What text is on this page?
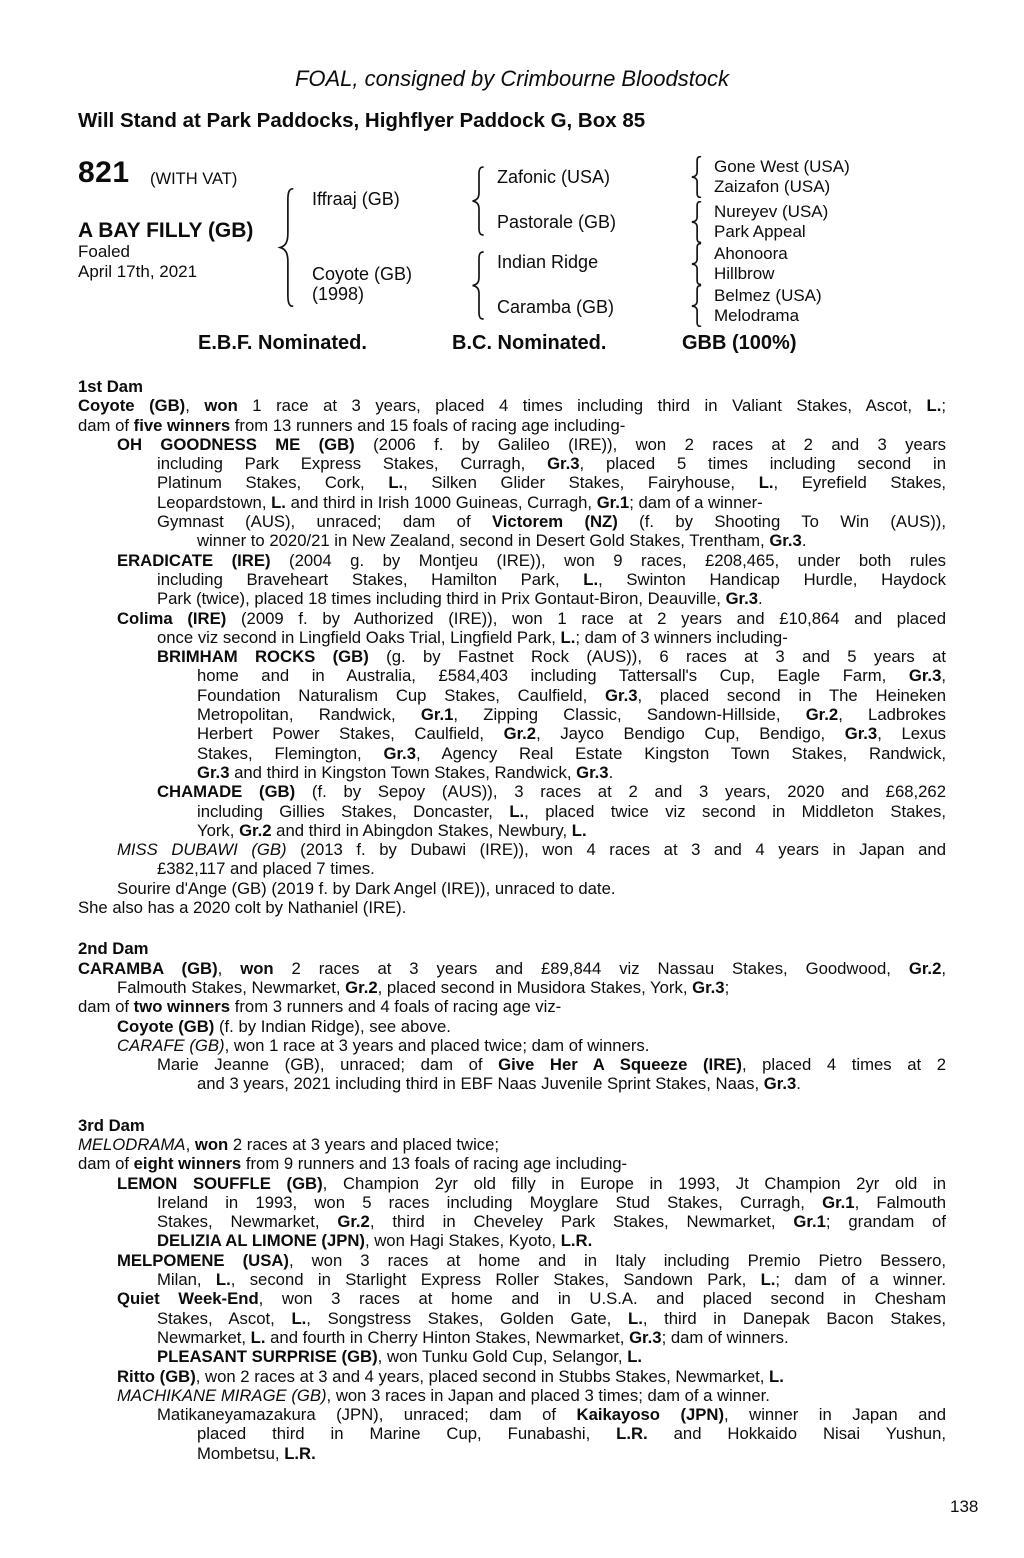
FOAL, consigned by Crimbourne Bloodstock
Will Stand at Park Paddocks, Highflyer Paddock G, Box 85
821 (WITH VAT)
A BAY FILLY (GB)
Foaled
April 17th, 2021
Iffraaj (GB)
Coyote (GB)
(1998)
Zafonic (USA)
Pastorale (GB)
Indian Ridge
Caramba (GB)
Gone West (USA)
Zaizafon (USA)
Nureyev (USA)
Park Appeal
Ahonoora
Hillbrow
Belmez (USA)
Melodrama
E.B.F. Nominated.	B.C. Nominated.	GBB (100%)
1st Dam
Coyote (GB), won 1 race at 3 years, placed 4 times including third in Valiant Stakes, Ascot, L.;
dam of five winners from 13 runners and 15 foals of racing age including-
OH GOODNESS ME (GB) (2006 f. by Galileo (IRE)), won 2 races at 2 and 3 years
including Park Express Stakes, Curragh, Gr.3, placed 5 times including second in
Platinum Stakes, Cork, L., Silken Glider Stakes, Fairyhouse, L., Eyrefield Stakes,
Leopardstown, L. and third in Irish 1000 Guineas, Curragh, Gr.1; dam of a winner-
Gymnast (AUS), unraced; dam of Victorem (NZ) (f. by Shooting To Win (AUS)),
winner to 2020/21 in New Zealand, second in Desert Gold Stakes, Trentham, Gr.3.
ERADICATE (IRE) (2004 g. by Montjeu (IRE)), won 9 races, £208,465, under both rules
including Braveheart Stakes, Hamilton Park, L., Swinton Handicap Hurdle, Haydock
Park (twice), placed 18 times including third in Prix Gontaut-Biron, Deauville, Gr.3.
Colima (IRE) (2009 f. by Authorized (IRE)), won 1 race at 2 years and £10,864 and placed
once viz second in Lingfield Oaks Trial, Lingfield Park, L.; dam of 3 winners including-
BRIMHAM ROCKS (GB) (g. by Fastnet Rock (AUS)), 6 races at 3 and 5 years at
home and in Australia, £584,403 including Tattersall's Cup, Eagle Farm, Gr.3,
Foundation Naturalism Cup Stakes, Caulfield, Gr.3, placed second in The Heineken
Metropolitan, Randwick, Gr.1, Zipping Classic, Sandown-Hillside, Gr.2, Ladbrokes
Herbert Power Stakes, Caulfield, Gr.2, Jayco Bendigo Cup, Bendigo, Gr.3, Lexus
Stakes, Flemington, Gr.3, Agency Real Estate Kingston Town Stakes, Randwick,
Gr.3 and third in Kingston Town Stakes, Randwick, Gr.3.
CHAMADE (GB) (f. by Sepoy (AUS)), 3 races at 2 and 3 years, 2020 and £68,262
including Gillies Stakes, Doncaster, L., placed twice viz second in Middleton Stakes,
York, Gr.2 and third in Abingdon Stakes, Newbury, L.
MISS DUBAWI (GB) (2013 f. by Dubawi (IRE)), won 4 races at 3 and 4 years in Japan and
£382,117 and placed 7 times.
Sourire d'Ange (GB) (2019 f. by Dark Angel (IRE)), unraced to date.
She also has a 2020 colt by Nathaniel (IRE).
2nd Dam
CARAMBA (GB), won 2 races at 3 years and £89,844 viz Nassau Stakes, Goodwood, Gr.2,
Falmouth Stakes, Newmarket, Gr.2, placed second in Musidora Stakes, York, Gr.3;
dam of two winners from 3 runners and 4 foals of racing age viz-
Coyote (GB) (f. by Indian Ridge), see above.
CARAFE (GB), won 1 race at 3 years and placed twice; dam of winners.
Marie Jeanne (GB), unraced; dam of Give Her A Squeeze (IRE), placed 4 times at 2
and 3 years, 2021 including third in EBF Naas Juvenile Sprint Stakes, Naas, Gr.3.
3rd Dam
MELODRAMA, won 2 races at 3 years and placed twice;
dam of eight winners from 9 runners and 13 foals of racing age including-
LEMON SOUFFLE (GB), Champion 2yr old filly in Europe in 1993, Jt Champion 2yr old in
Ireland in 1993, won 5 races including Moyglare Stud Stakes, Curragh, Gr.1, Falmouth
Stakes, Newmarket, Gr.2, third in Cheveley Park Stakes, Newmarket, Gr.1; grandam of
DELIZIA AL LIMONE (JPN), won Hagi Stakes, Kyoto, L.R.
MELPOMENE (USA), won 3 races at home and in Italy including Premio Pietro Bessero,
Milan, L., second in Starlight Express Roller Stakes, Sandown Park, L.; dam of a winner.
Quiet Week-End, won 3 races at home and in U.S.A. and placed second in Chesham
Stakes, Ascot, L., Songstress Stakes, Golden Gate, L., third in Danepak Bacon Stakes,
Newmarket, L. and fourth in Cherry Hinton Stakes, Newmarket, Gr.3; dam of winners.
PLEASANT SURPRISE (GB), won Tunku Gold Cup, Selangor, L.
Ritto (GB), won 2 races at 3 and 4 years, placed second in Stubbs Stakes, Newmarket, L.
MACHIKANE MIRAGE (GB), won 3 races in Japan and placed 3 times; dam of a winner.
Matikaneyamazakura (JPN), unraced; dam of Kaikayoso (JPN), winner in Japan and
placed third in Marine Cup, Funabashi, L.R. and Hokkaido Nisai Yushun,
Mombetsu, L.R.
138
